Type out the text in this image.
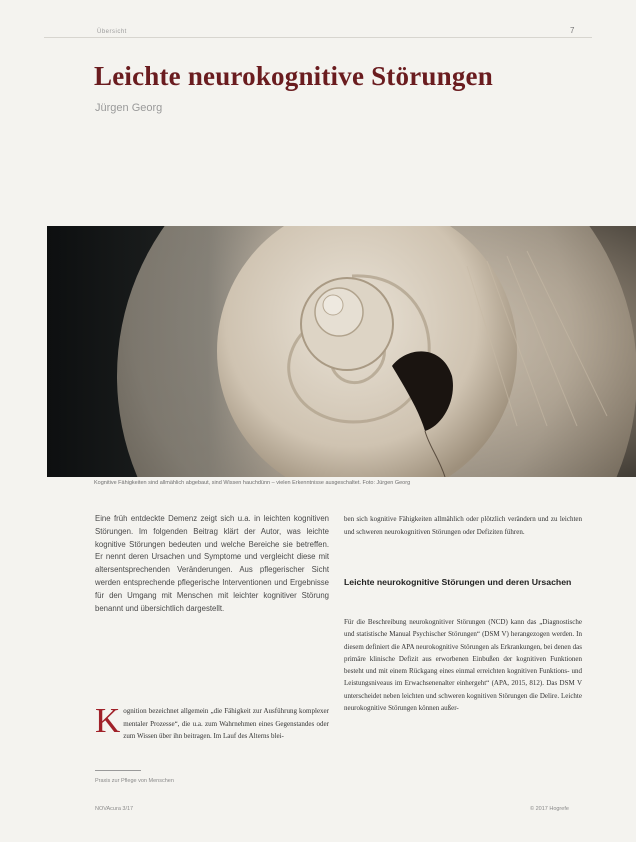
Übersicht	7
Leichte neurokognitive Störungen
Jürgen Georg
Kognitive Fähigkeiten sind allmählich abgebaut, sind Wissen hauchdünn – vielen Erkenntnisse ausgeschaltet. Foto: Jürgen Georg
Eine früh entdeckte Demenz zeigt sich u.a. in leichten kognitiven Störungen. Im folgenden Beitrag klärt der Autor, was leichte kognitive Störungen bedeuten und welche Bereiche sie betreffen. Er nennt deren Ursachen und Symptome und vergleicht diese mit altersentsprechenden Veränderungen. Aus pflegerischer Sicht werden entsprechende pflegerische Interventionen und Ergebnisse für den Umgang mit Menschen mit leichter kognitiver Störung benannt und übersichtlich dargestellt.
K ognition bezeichnet allgemein „die Fähigkeit zur Ausführung komplexer mentaler Prozesse“, die u.a. zum Wahrnehmen eines Gegenstandes oder zum Wissen über ihn beitragen. Im Lauf des Alterns blei-
ben sich kognitive Fähigkeiten allmählich oder plötzlich verändern und zu leichten und schweren neurokognitiven Störungen oder Defiziten führen.
Leichte neurokognitive Störungen und deren Ursachen
Für die Beschreibung neurokognitiver Störungen (NCD) kann das „Diagnostische und statistische Manual Psychischer Störungen“ (DSM V) herangezogen werden. In diesem definiert die APA neurokognitive Störungen als Erkrankungen, bei denen das primäre klinische Defizit aus erworbenen Einbußen der kognitiven Funktionen besteht und mit einem Rückgang eines einmal erreichten kognitiven Funktions- und Leistungsniveaus im Erwachsenenalter einhergeht“ (APA, 2015, 812). Das DSM V unterscheidet neben leichten und schweren kognitiven Störungen die Delire. Leichte neurokognitive Störungen können außer-
Praxis zur Pflege von Menschen
NOVAcura 3/17	© 2017 Hogrefe
